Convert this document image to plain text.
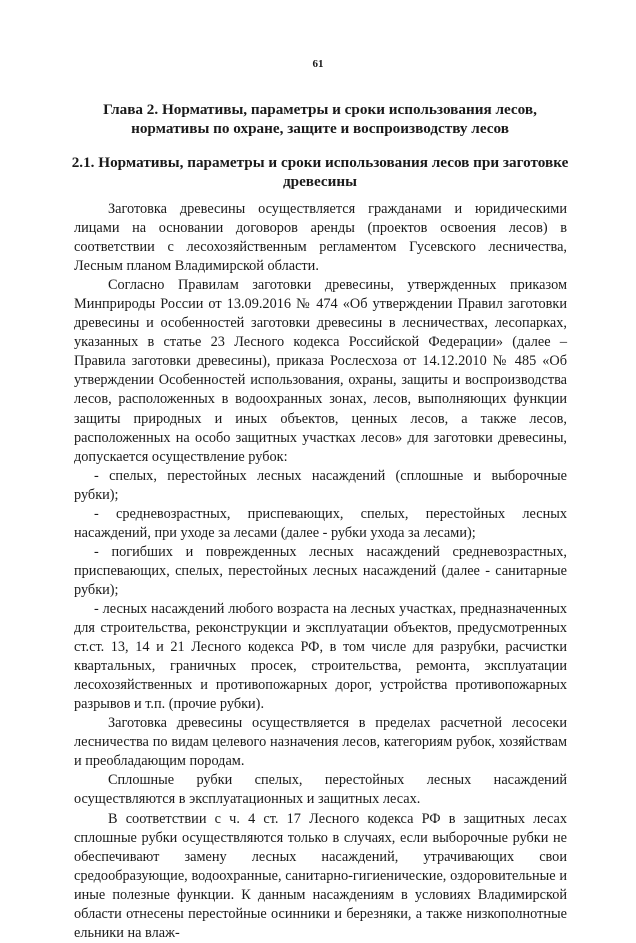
61
Глава 2. Нормативы, параметры и сроки использования лесов,
нормативы по охране, защите и воспроизводству лесов
2.1. Нормативы, параметры и сроки использования лесов при заготовке
древесины

Заготовка древесины осуществляется гражданами и юридическими лицами на основании договоров аренды (проектов освоения лесов) в соответствии с лесохозяйственным регламентом Гусевского лесничества, Лесным планом Владимирской области.

Согласно Правилам заготовки древесины, утвержденных приказом Минприроды России от 13.09.2016 № 474 «Об утверждении Правил заготовки древесины и особенностей заготовки древесины в лесничествах, лесопарках, указанных в статье 23 Лесного кодекса Российской Федерации» (далее – Правила заготовки древесины), приказа Рослесхоза от 14.12.2010 № 485 «Об утверждении Особенностей использования, охраны, защиты и воспроизводства лесов, расположенных в водоохранных зонах, лесов, выполняющих функции защиты природных и иных объектов, ценных лесов, а также лесов, расположенных на особо защитных участках лесов» для заготовки древесины, допускается осуществление рубок:

- спелых, перестойных лесных насаждений (сплошные и выборочные рубки);

- средневозрастных, приспевающих, спелых, перестойных лесных насаждений, при уходе за лесами (далее - рубки ухода за лесами);

- погибших и поврежденных лесных насаждений средневозрастных, приспевающих, спелых, перестойных лесных насаждений (далее - санитарные рубки);

- лесных насаждений любого возраста на лесных участках, предназначенных для строительства, реконструкции и эксплуатации объектов, предусмотренных ст.ст. 13, 14 и 21 Лесного кодекса РФ, в том числе для разрубки, расчистки квартальных, граничных просек, строительства, ремонта, эксплуатации лесохозяйственных и противопожарных дорог, устройства противопожарных разрывов и т.п. (прочие рубки).

Заготовка древесины осуществляется в пределах расчетной лесосеки лесничества по видам целевого назначения лесов, категориям рубок, хозяйствам и преобладающим породам.

Сплошные рубки спелых, перестойных лесных насаждений осуществляются в эксплуатационных и защитных лесах.

В соответствии с ч. 4 ст. 17 Лесного кодекса РФ в защитных лесах сплошные рубки осуществляются только в случаях, если выборочные рубки не обеспечивают замену лесных насаждений, утрачивающих свои средообразующие, водоохранные, санитарно-гигиенические, оздоровительные и иные полезные функции. К данным насаждениям в условиях Владимирской области отнесены перестойные осинники и березняки, а также низкополнотные ельники на влаж-
